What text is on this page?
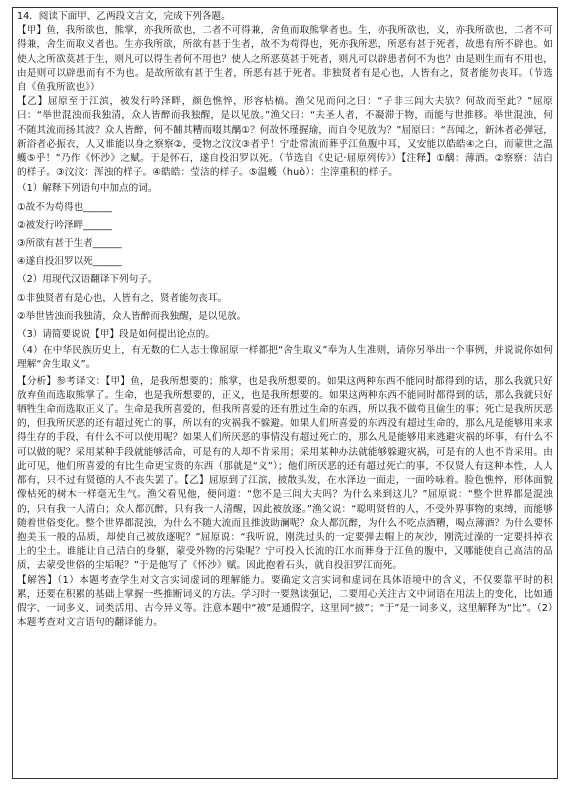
14．阅读下面甲、乙两段文言文，完成下列各题。

【甲】鱼，我所欲也，熊掌，亦我所欲也，二者不可得兼，舍鱼而取熊掌者也。生，亦我所欲也，义，亦我所欲也，二者不可得兼，舍生而取义者也。生亦我所欲，所欲有甚于生者，故不为苟得也，死亦我所恶，所恶有甚于死者，故患有所不辟也。如使人之所欲莫甚于生，则凡可以得生者何不用也？使人之所恶莫甚于死者，则凡可以辟患者何不为也？由是则生而有不用也，由是则可以辟患而有不为也。是故所欲有甚于生者，所恶有甚于死者。非独贤者有是心也，人皆有之，贤者能勿丧耳。（节选自《鱼我所欲也》）

【乙】屈原至于江滨，被发行吟泽畔，颜色憔悴，形容枯槁。渔父见而问之曰：“子非三闾大夫欤？何故而至此？”屈原曰：“举世混浊而我独清，众人皆醉而我独醒，是以见放。”渔父曰：“夫圣人者，不凝滞于物，而能与世推移。举世混浊，何不随其流而扬其波？众人皆醉，何不餔其糟而啜其醨①？何故怀瑾握瑜，而自令见放为？”屈原曰：“吾闻之，新沐者必弹冠，新浴者必振衣，人又谁能以身之察察②，受物之汶汶③者乎！宁赴常流而葬乎江鱼腹中耳，又安能以皓皓④之白，而蒙世之温蠖⑤乎！”乃作《怀沙》之赋。于是怀石，遂自投汨罗以死。（节选自《史记·屈原列传》）【注释】①醨：薄酒。②察察：洁白的样子。③汶汶：浑浊的样子。④皓皓：莹洁的样子。⑤温蠖（huò）：尘滓重积的样子。

（1）解释下列语句中加点的词。

①故不为苟得也______

②被发行吟泽畔______

③所欲有甚于生者______

④遂自投汨罗以死______

（2）用现代汉语翻译下列句子。

①非独贤者有是心也，人皆有之，贤者能勿丧耳。

②举世皆浊而我独清，众人皆醉而我独醒，是以见放。

（3）请简要说说【甲】段是如何提出论点的。

（4）在中华民族历史上，有无数的仁人志士像屈原一样都把“舍生取义”奉为人生准则，请你另举出一个事例，并说说你如何理解“舍生取义”。

【分析】参考译文：【甲】鱼，是我所想要的；熊掌，也是我所想要的。如果这两种东西不能同时都得到的话，那么我就只好放弃鱼而选取熊掌了。生命，也是我所想要的，正义，也是我所想要的。如果这两种东西不能同时都得到的话，那么我就只好牺牲生命而选取正义了。生命是我所喜爱的，但我所喜爱的还有胜过生命的东西，所以我不做苟且偷生的事；死亡是我所厌恶的，但我所厌恶的还有超过死亡的事，所以有的灾祸我不躲避。如果人们所喜爱的东西没有超过生命的，那么凡是能够用来求得生存的手段，有什么不可以使用呢？如果人们所厌恶的事情没有超过死亡的，那么凡是能够用来逃避灾祸的坏事，有什么不可以做的呢？采用某种手段就能够活命，可是有的人却不肯采用；采用某种办法就能够躲避灾祸，可是有的人也不肯采用。由此可见，他们所喜爱的有比生命更宝贵的东西（那就是“义”）；他们所厌恶的还有超过死亡的事，不仅贤人有这种本性，人人都有，只不过有贤德的人不丧失罢了。【乙】屈原到了江滨，披散头发，在水泽边一面走，一面吟咏着。脸色憔悴，形体面貌像枯死的树木一样毫无生气。渔父看见他，便问道：“您不是三闾大夫吗？为什么来到这儿？”屈原说：“整个世界都是混浊的，只有我一人清白；众人都沉醉，只有我一人清醒，因此被放逐。”渔父说：“聪明贤哲的人，不受外界事物的束缚，而能够随着世俗变化。整个世界都混浊，为什么不随大流而且推波助澜呢？众人都沉醉，为什么不吃点酒糟，喝点薄酒？为什么要怀抱美玉一般的品质，却使自己被放逐呢？”屈原说：“我听说，刚洗过头的一定要弹去帽上的灰沙，刚洗过澡的一定要抖掉衣上的尘土。谁能让自己洁白的身躯，蒙受外物的污染呢？宁可投入长流的江水而葬身于江鱼的腹中，又哪能使自己高洁的品质，去蒙受世俗的尘垢呢？”于是他写了《怀沙》赋。因此抱着石头，就自投汨罗江而死。

【解答】（1）本题考查学生对文言实词虚词的理解能力。要确定文言实词和虚词在具体语境中的含义，不仅要靠平时的积累，还要在积累的基础上掌握一些推断词义的方法。学习时一要熟读强记，二要用心关注古文中词语在用法上的变化，比如通假字、一词多义、词类活用、古今异义等。注意本题中“被”是通假字，这里同“披”；“于”是一词多义，这里解释为“比”。（2）本题考查对文言语句的翻译能力。
